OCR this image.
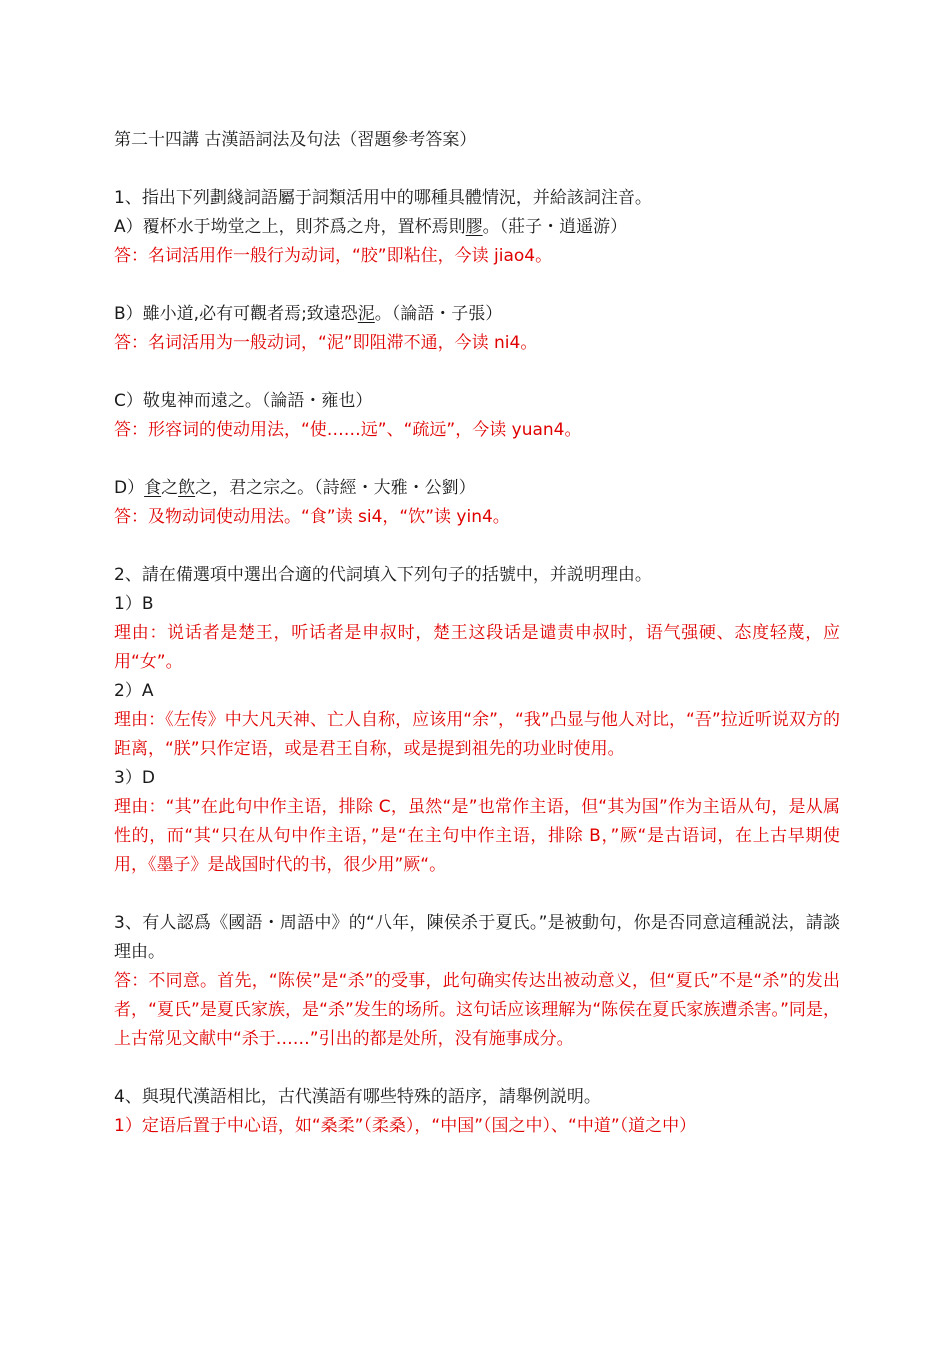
第二十四講 古漢語詞法及句法（習題參考答案）
1、指出下列劃綫詞語屬于詞類活用中的哪種具體情況，并給該詞注音。
A）覆杯水于坳堂之上，則芥爲之舟，置杯焉則膠。（莊子・逍遥游）
答：名词活用作一般行为动词，“胶”即粘住，今读 jiao4。
B）雖小道,必有可觀者焉;致遠恐泥。（論語・子張）
答：名词活用为一般动词，“泥”即阻滞不通，今读 ni4。
C）敬鬼神而遠之。（論語・雍也）
答：形容词的使动用法，“使……远”、“疏远”，今读 yuan4。
D）食之飲之，君之宗之。（詩經・大雅・公劉）
答：及物动词使动用法。“食”读 si4，“饮”读 yin4。
2、請在備選項中選出合適的代詞填入下列句子的括號中，并説明理由。
1）B
理由：说话者是楚王，听话者是申叔时，楚王这段话是谴责申叔时，语气强硬、态度轻蔑，应用“女”。
2）A
理由：《左传》中大凡天神、亡人自称，应该用“余”，“我”凸显与他人对比，“吾”拉近听说双方的距离，“朕”只作定语，或是君王自称，或是提到祖先的功业时使用。
3）D
理由：“其”在此句中作主语，排除 C，虽然“是”也常作主语，但“其为国”作为主语从句，是从属性的，而“其“只在从句中作主语，”是“在主句中作主语，排除 B，”厥“是古语词，在上古早期使用，《墨子》是战国时代的书，很少用”厥“。
3、有人認爲《國語・周語中》的“八年，陳侯杀于夏氏。”是被動句，你是否同意這種説法，請談理由。
答：不同意。首先，“陈侯”是“杀”的受事，此句确实传达出被动意义，但“夏氏”不是“杀”的发出者，“夏氏”是夏氏家族，是“杀”发生的场所。这句话应该理解为“陈侯在夏氏家族遭杀害。”同是，上古常见文献中“杀于……”引出的都是处所，没有施事成分。
4、與現代漢語相比，古代漢語有哪些特殊的語序，請舉例説明。
1）定语后置于中心语，如“桑柔”（柔桑），“中国”（国之中）、“中道”（道之中）
